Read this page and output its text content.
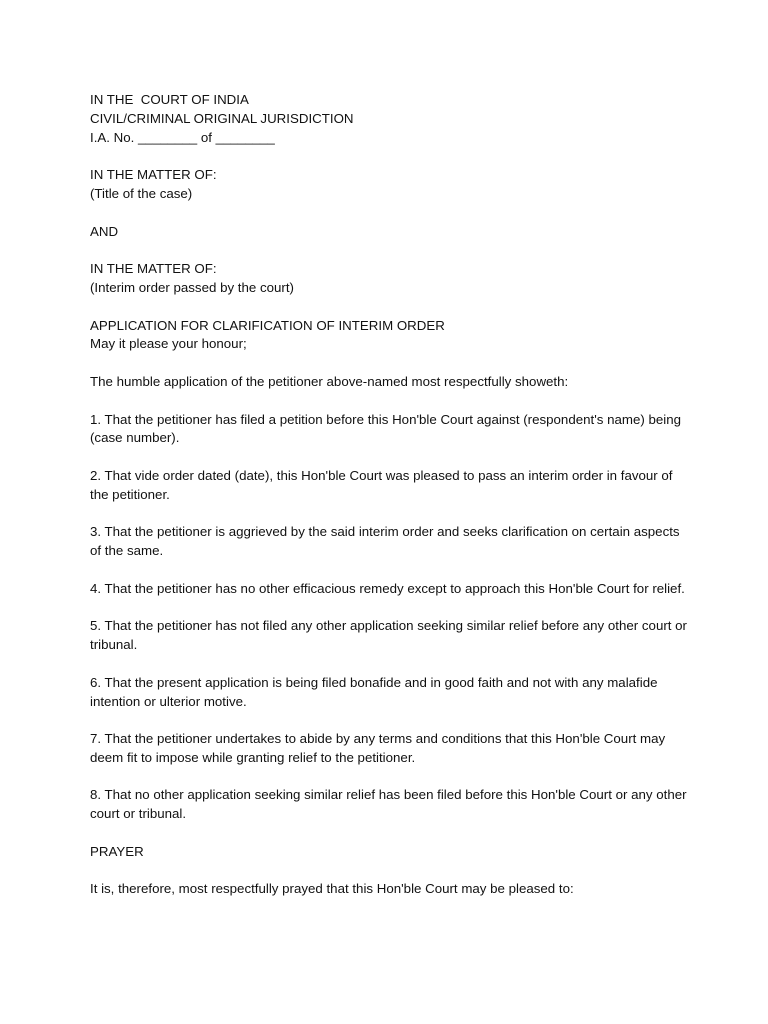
IN THE  COURT OF INDIA
CIVIL/CRIMINAL ORIGINAL JURISDICTION
I.A. No. ________ of ________
IN THE MATTER OF:
(Title of the case)
AND
IN THE MATTER OF:
(Interim order passed by the court)
APPLICATION FOR CLARIFICATION OF INTERIM ORDER
May it please your honour;

The humble application of the petitioner above-named most respectfully showeth:

1. That the petitioner has filed a petition before this Hon'ble Court against (respondent's name) being (case number).

2. That vide order dated (date), this Hon'ble Court was pleased to pass an interim order in favour of the petitioner.

3. That the petitioner is aggrieved by the said interim order and seeks clarification on certain aspects of the same.

4. That the petitioner has no other efficacious remedy except to approach this Hon'ble Court for relief.

5. That the petitioner has not filed any other application seeking similar relief before any other court or tribunal.

6. That the present application is being filed bonafide and in good faith and not with any malafide intention or ulterior motive.

7. That the petitioner undertakes to abide by any terms and conditions that this Hon'ble Court may deem fit to impose while granting relief to the petitioner.

8. That no other application seeking similar relief has been filed before this Hon'ble Court or any other court or tribunal.

PRAYER

It is, therefore, most respectfully prayed that this Hon'ble Court may be pleased to:
